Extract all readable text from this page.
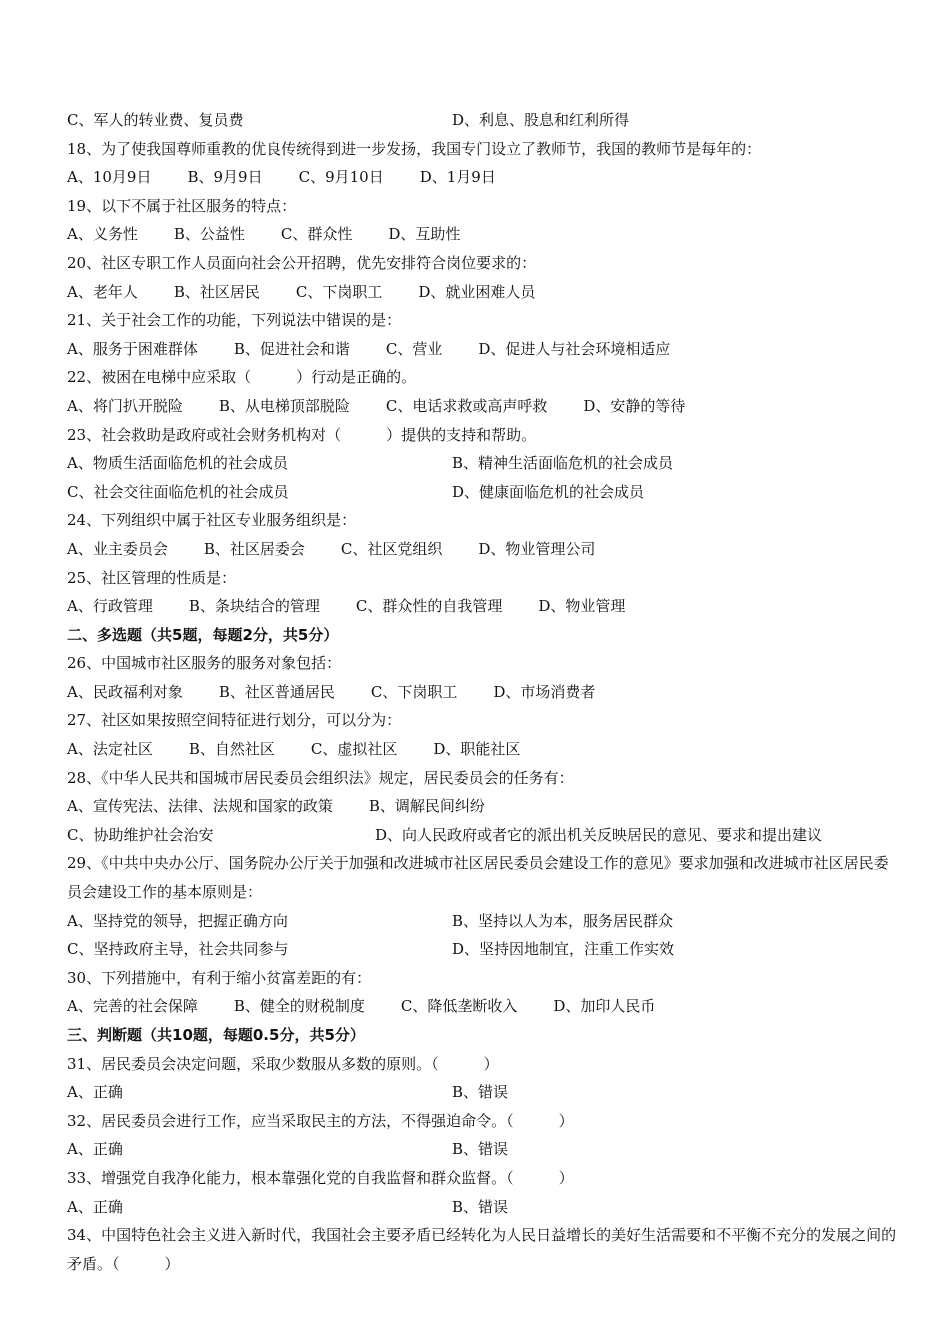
C、军人的转业费、复员费	D、利息、股息和红利所得
18、为了使我国尊师重教的优良传统得到进一步发扬，我国专门设立了教师节，我国的教师节是每年的：
A、10月9日 B、9月9日 C、9月10日 D、1月9日
19、以下不属于社区服务的特点：
A、义务性 B、公益性 C、群众性 D、互助性
20、社区专职工作人员面向社会公开招聘，优先安排符合岗位要求的：
A、老年人 B、社区居民 C、下岗职工 D、就业困难人员
21、关于社会工作的功能，下列说法中错误的是：
A、服务于困难群体 B、促进社会和谐 C、营业 D、促进人与社会环境相适应
22、被困在电梯中应采取（　　　）行动是正确的。
A、将门扒开脱险 B、从电梯顶部脱险 C、电话求救或高声呼救 D、安静的等待
23、社会救助是政府或社会财务机构对（　　　）提供的支持和帮助。
A、物质生活面临危机的社会成员	B、精神生活面临危机的社会成员
C、社会交往面临危机的社会成员	D、健康面临危机的社会成员
24、下列组织中属于社区专业服务组织是：
A、业主委员会 B、社区居委会 C、社区党组织 D、物业管理公司
25、社区管理的性质是：
A、行政管理 B、条块结合的管理 C、群众性的自我管理 D、物业管理
二、多选题（共5题，每题2分，共5分）
26、中国城市社区服务的服务对象包括：
A、民政福利对象 B、社区普通居民 C、下岗职工 D、市场消费者
27、社区如果按照空间特征进行划分，可以分为：
A、法定社区 B、自然社区 C、虚拟社区 D、职能社区
28、《中华人民共和国城市居民委员会组织法》规定，居民委员会的任务有：
A、宣传宪法、法律、法规和国家的政策 B、调解民间纠纷
C、协助维护社会治安	D、向人民政府或者它的派出机关反映居民的意见、要求和提出建议
29、《中共中央办公厅、国务院办公厅关于加强和改进城市社区居民委员会建设工作的意见》要求加强和改进城市社区居民委员会建设工作的基本原则是：
A、坚持党的领导，把握正确方向	B、坚持以人为本，服务居民群众
C、坚持政府主导，社会共同参与	D、坚持因地制宜，注重工作实效
30、下列措施中，有利于缩小贫富差距的有：
A、完善的社会保障 B、健全的财税制度 C、降低垄断收入 D、加印人民币
三、判断题（共10题，每题0.5分，共5分）
31、居民委员会决定问题，采取少数服从多数的原则。（　　　）
A、正确	B、错误
32、居民委员会进行工作，应当采取民主的方法，不得强迫命令。（　　　）
A、正确	B、错误
33、增强党自我净化能力，根本靠强化党的自我监督和群众监督。（　　　）
A、正确	B、错误
34、中国特色社会主义进入新时代，我国社会主要矛盾已经转化为人民日益增长的美好生活需要和不平衡不充分的发展之间的矛盾。（　　　）
